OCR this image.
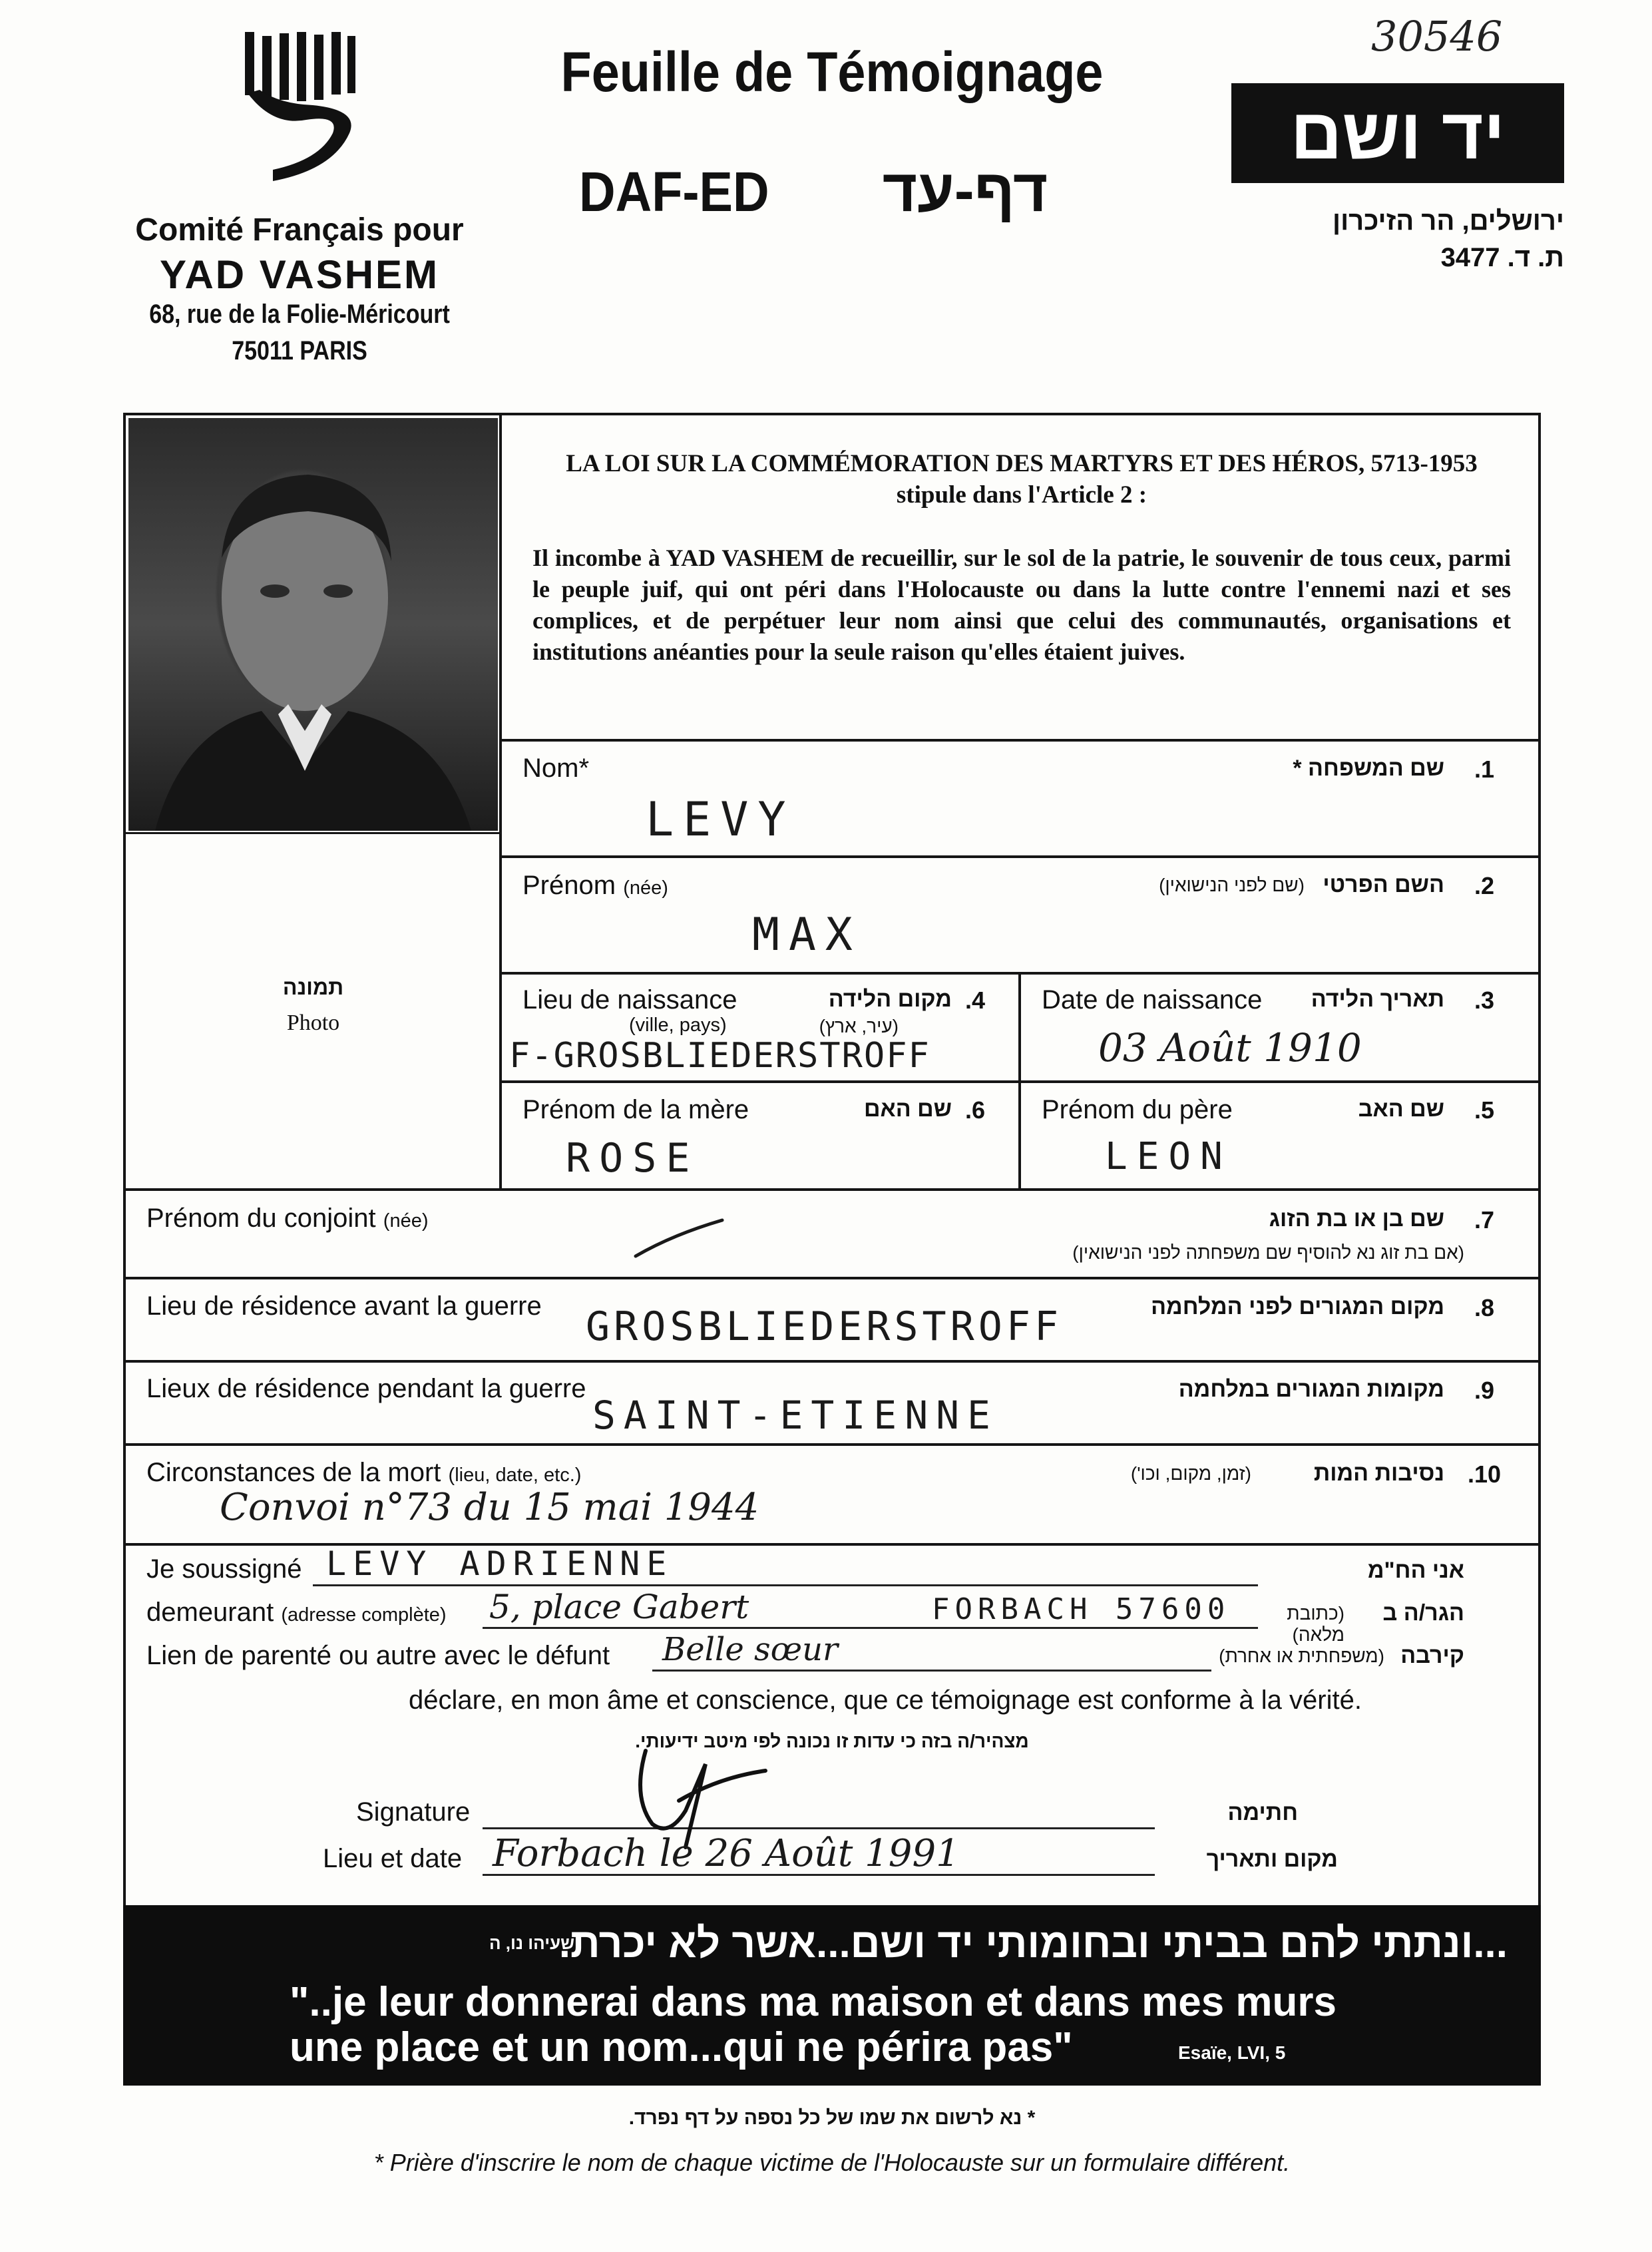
30546
Comité Français pour
YAD VASHEM
68, rue de la Folie-Méricourt
75011 PARIS
Feuille de Témoignage
DAF-ED	דף-עד
יד ושם
ירושלים, הר הזיכרון
ת. ד. 3477
תמונה
Photo
LA LOI SUR LA COMMÉMORATION DES MARTYRS ET DES HÉROS, 5713-1953
stipule dans l'Article 2 :
Il incombe à YAD VASHEM de recueillir, sur le sol de la patrie, le souvenir de tous ceux, parmi le peuple juif, qui ont péri dans l'Holocauste ou dans la lutte contre l'ennemi nazi et ses complices, et de perpétuer leur nom ainsi que celui des communautés, organisations et institutions anéanties pour la seule raison qu'elles étaient juives.
Nom*	שם המשפחה * .1
LEVY
Prénom (née)	השם הפרטי
(שם לפני הנישואין)	.2
MAX
Lieu de naissance	מקום הלידה .4
(ville, pays)	(עיר, ארץ)
F-GROSBLIEDERSTROFF
Date de naissance	תאריך הלידה .3
03 Août 1910
Prénom de la mère	שם האם .6
ROSE
Prénom du père	שם האב .5
LEON
Prénom du conjoint (née)	שם בן או בת הזוג
(אם בת זוג נא להוסיף שם משפחתה לפני הנישואין)
.7
Lieu de résidence avant la guerre	מקום המגורים לפני המלחמה .8
GROSBLIEDERSTROFF
Lieux de résidence pendant la guerre	מקומות המגורים במלחמה .9
SAINT-ETIENNE
Circonstances de la mort (lieu, date, etc.)	נסיבות המות
(זמן, מקום, וכו')	.10
Convoi n°73 du 15 mai 1944
Je soussigné LEVY ADRIENNE	אני הח"מ
demeurant (adresse complète) 5, place Gabert	FORBACH 57600	הגר/ה ב
(כתובת מלאה)
Lien de parenté ou autre avec le défunt Belle sœur	קירבה
(משפחתית או אחרת)
déclare, en mon âme et conscience, que ce témoignage est conforme à la vérité.
מצהיר/ה בזה כי עדות זו נכונה לפי מיטב ידיעותי.
Signature	חתימה
Lieu et date Forbach le 26 Août 1991	מקום ותאריך
ישעיהו נו, ה
...ונתתי להם בביתי ובחומותי יד ושם...אשר לא יכרת.
"..je leur donnerai dans ma maison et dans mes murs
une place et un nom...qui ne périra pas"	Esaïe, LVI, 5
* נא לרשום את שמו של כל נספה על דף נפרד.
* Prière d'inscrire le nom de chaque victime de l'Holocauste sur un formulaire différent.
